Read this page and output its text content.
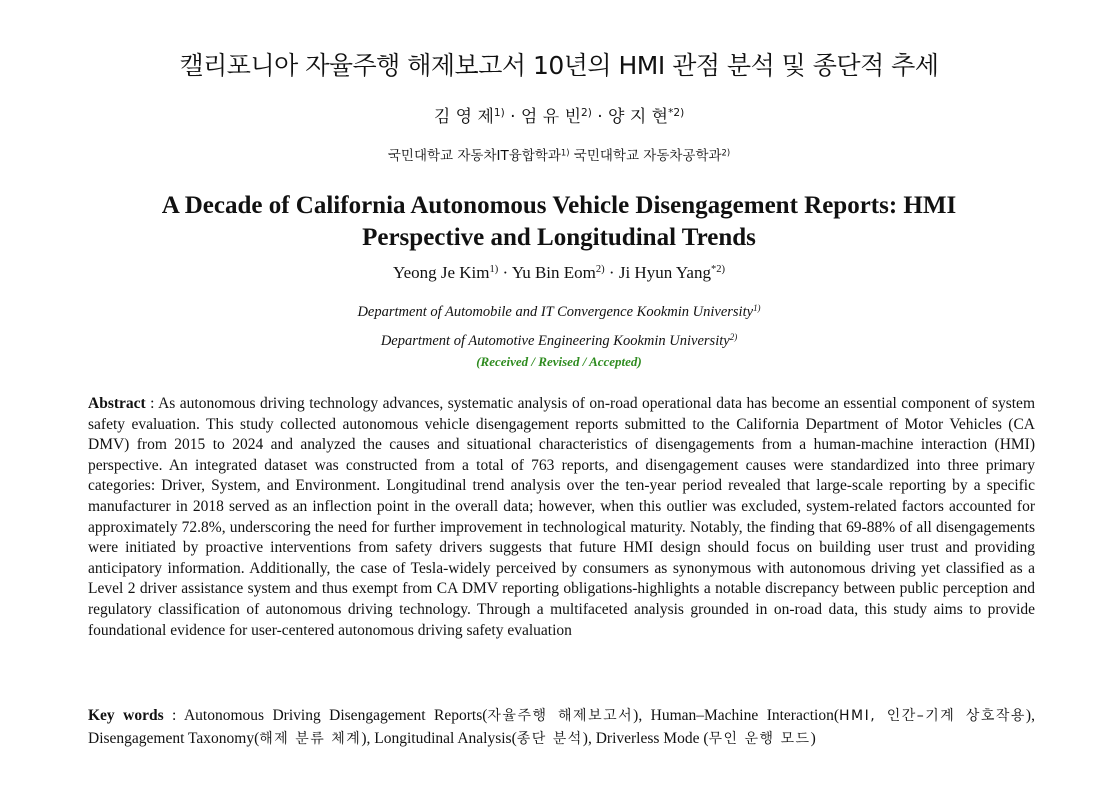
캘리포니아 자율주행 해제보고서 10년의 HMI 관점 분석 및 종단적 추세
김 영 제$^{1)}$ · 엄 유 빈$^{2)}$ · 양 지 현$^{*2)}$
국민대학교 자동차IT융합학과$^{1)}$ 국민대학교 자동차공학과$^{2)}$
A Decade of California Autonomous Vehicle Disengagement Reports: HMI
Perspective and Longitudinal Trends
Yeong Je Kim$^{1)}$ · Yu Bin Eom$^{2)}$ · Ji Hyun Yang$^{*2)}$
Department of Automobile and IT Convergence Kookmin University$^{1)}$
Department of Automotive Engineering Kookmin University$^{2)}$
(Received / Revised / Accepted)
Abstract : As autonomous driving technology advances, systematic analysis of on-road operational data has become an essential component of system safety evaluation. This study collected autonomous vehicle disengagement reports submitted to the California Department of Motor Vehicles (CA DMV) from 2015 to 2024 and analyzed the causes and situational characteristics of disengagements from a human-machine interaction (HMI) perspective. An integrated dataset was constructed from a total of 763 reports, and disengagement causes were standardized into three primary categories: Driver, System, and Environment. Longitudinal trend analysis over the ten-year period revealed that large-scale reporting by a specific manufacturer in 2018 served as an inflection point in the overall data; however, when this outlier was excluded, system-related factors accounted for approximately 72.8%, underscoring the need for further improvement in technological maturity. Notably, the finding that 69-88% of all disengagements were initiated by proactive interventions from safety drivers suggests that future HMI design should focus on building user trust and providing anticipatory information. Additionally, the case of Tesla-widely perceived by consumers as synonymous with autonomous driving yet classified as a Level 2 driver assistance system and thus exempt from CA DMV reporting obligations-highlights a notable discrepancy between public perception and regulatory classification of autonomous driving technology. Through a multifaceted analysis grounded in on-road data, this study aims to provide foundational evidence for user-centered autonomous driving safety evaluation
Key words : Autonomous Driving Disengagement Reports(자율주행 해제보고서), Human–Machine Interaction(HMI, 인간–기계 상호작용), Disengagement Taxonomy(해제 분류 체계), Longitudinal Analysis(종단 분석), Driverless Mode (무인 운행 모드)
